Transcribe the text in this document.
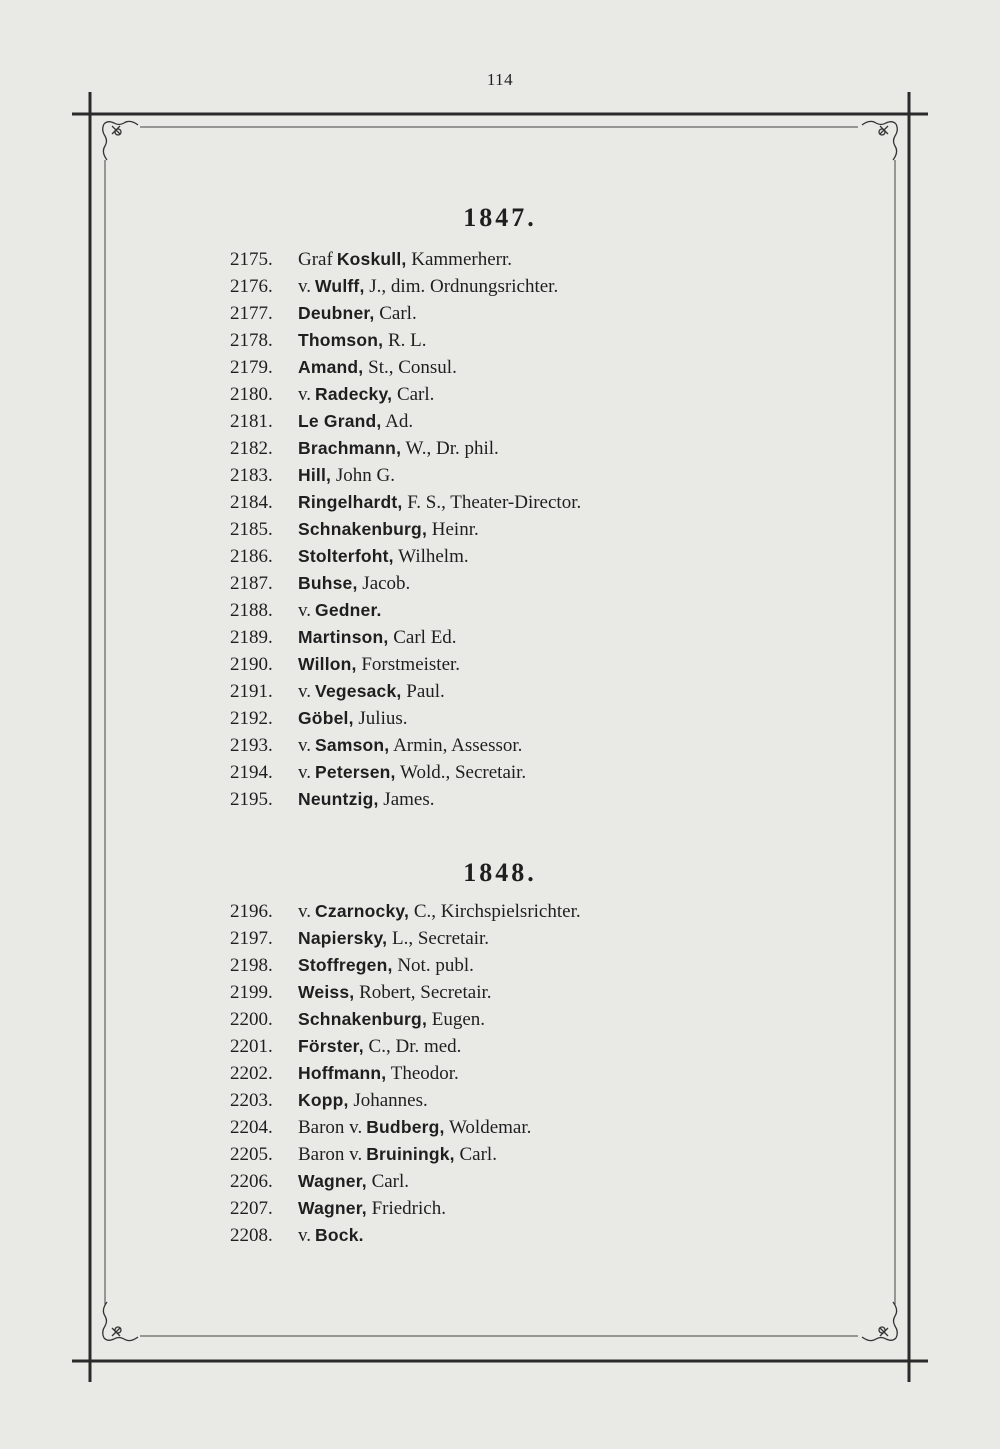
114
1847.
2175. Graf Koskull, Kammerherr.
2176. v. Wulff, J., dim. Ordnungsrichter.
2177. Deubner, Carl.
2178. Thomson, R. L.
2179. Amand, St., Consul.
2180. v. Radecky, Carl.
2181. Le Grand, Ad.
2182. Brachmann, W., Dr. phil.
2183. Hill, John G.
2184. Ringelhardt, F. S., Theater-Director.
2185. Schnakenburg, Heinr.
2186. Stolterfoht, Wilhelm.
2187. Buhse, Jacob.
2188. v. Gedner.
2189. Martinson, Carl Ed.
2190. Willon, Forstmeister.
2191. v. Vegesack, Paul.
2192. Göbel, Julius.
2193. v. Samson, Armin, Assessor.
2194. v. Petersen, Wold., Secretair.
2195. Neuntzig, James.
1848.
2196. v. Czarnocky, C., Kirchspielsrichter.
2197. Napiersky, L., Secretair.
2198. Stoffregen, Not. publ.
2199. Weiss, Robert, Secretair.
2200. Schnakenburg, Eugen.
2201. Förster, C., Dr. med.
2202. Hoffmann, Theodor.
2203. Kopp, Johannes.
2204. Baron v. Budberg, Woldemar.
2205. Baron v. Bruiningk, Carl.
2206. Wagner, Carl.
2207. Wagner, Friedrich.
2208. v. Bock.
